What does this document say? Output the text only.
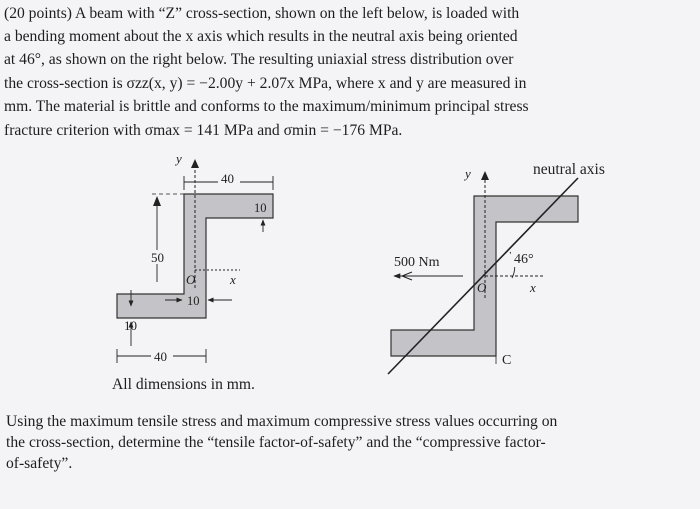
(20 points) A beam with “Z” cross-section, shown on the left below, is loaded with
a bending moment about the x axis which results in the neutral axis being oriented
at 46°, as shown on the right below. The resulting uniaxial stress distribution over
the cross-section is σzz(x, y) = −2.00y + 2.07x MPa, where x and y are measured in
mm. The material is brittle and conforms to the maximum/minimum principal stress
fracture criterion with σmax = 141 MPa and σmin = −176 MPa.
y
x
O
40
10
50
10
10
40
y
x
O
neutral axis
46°
500 Nm
C
All dimensions in mm.
Using the maximum tensile stress and maximum compressive stress values occurring on
the cross-section, determine the “tensile factor-of-safety” and the “compressive factor-
of-safety”.
